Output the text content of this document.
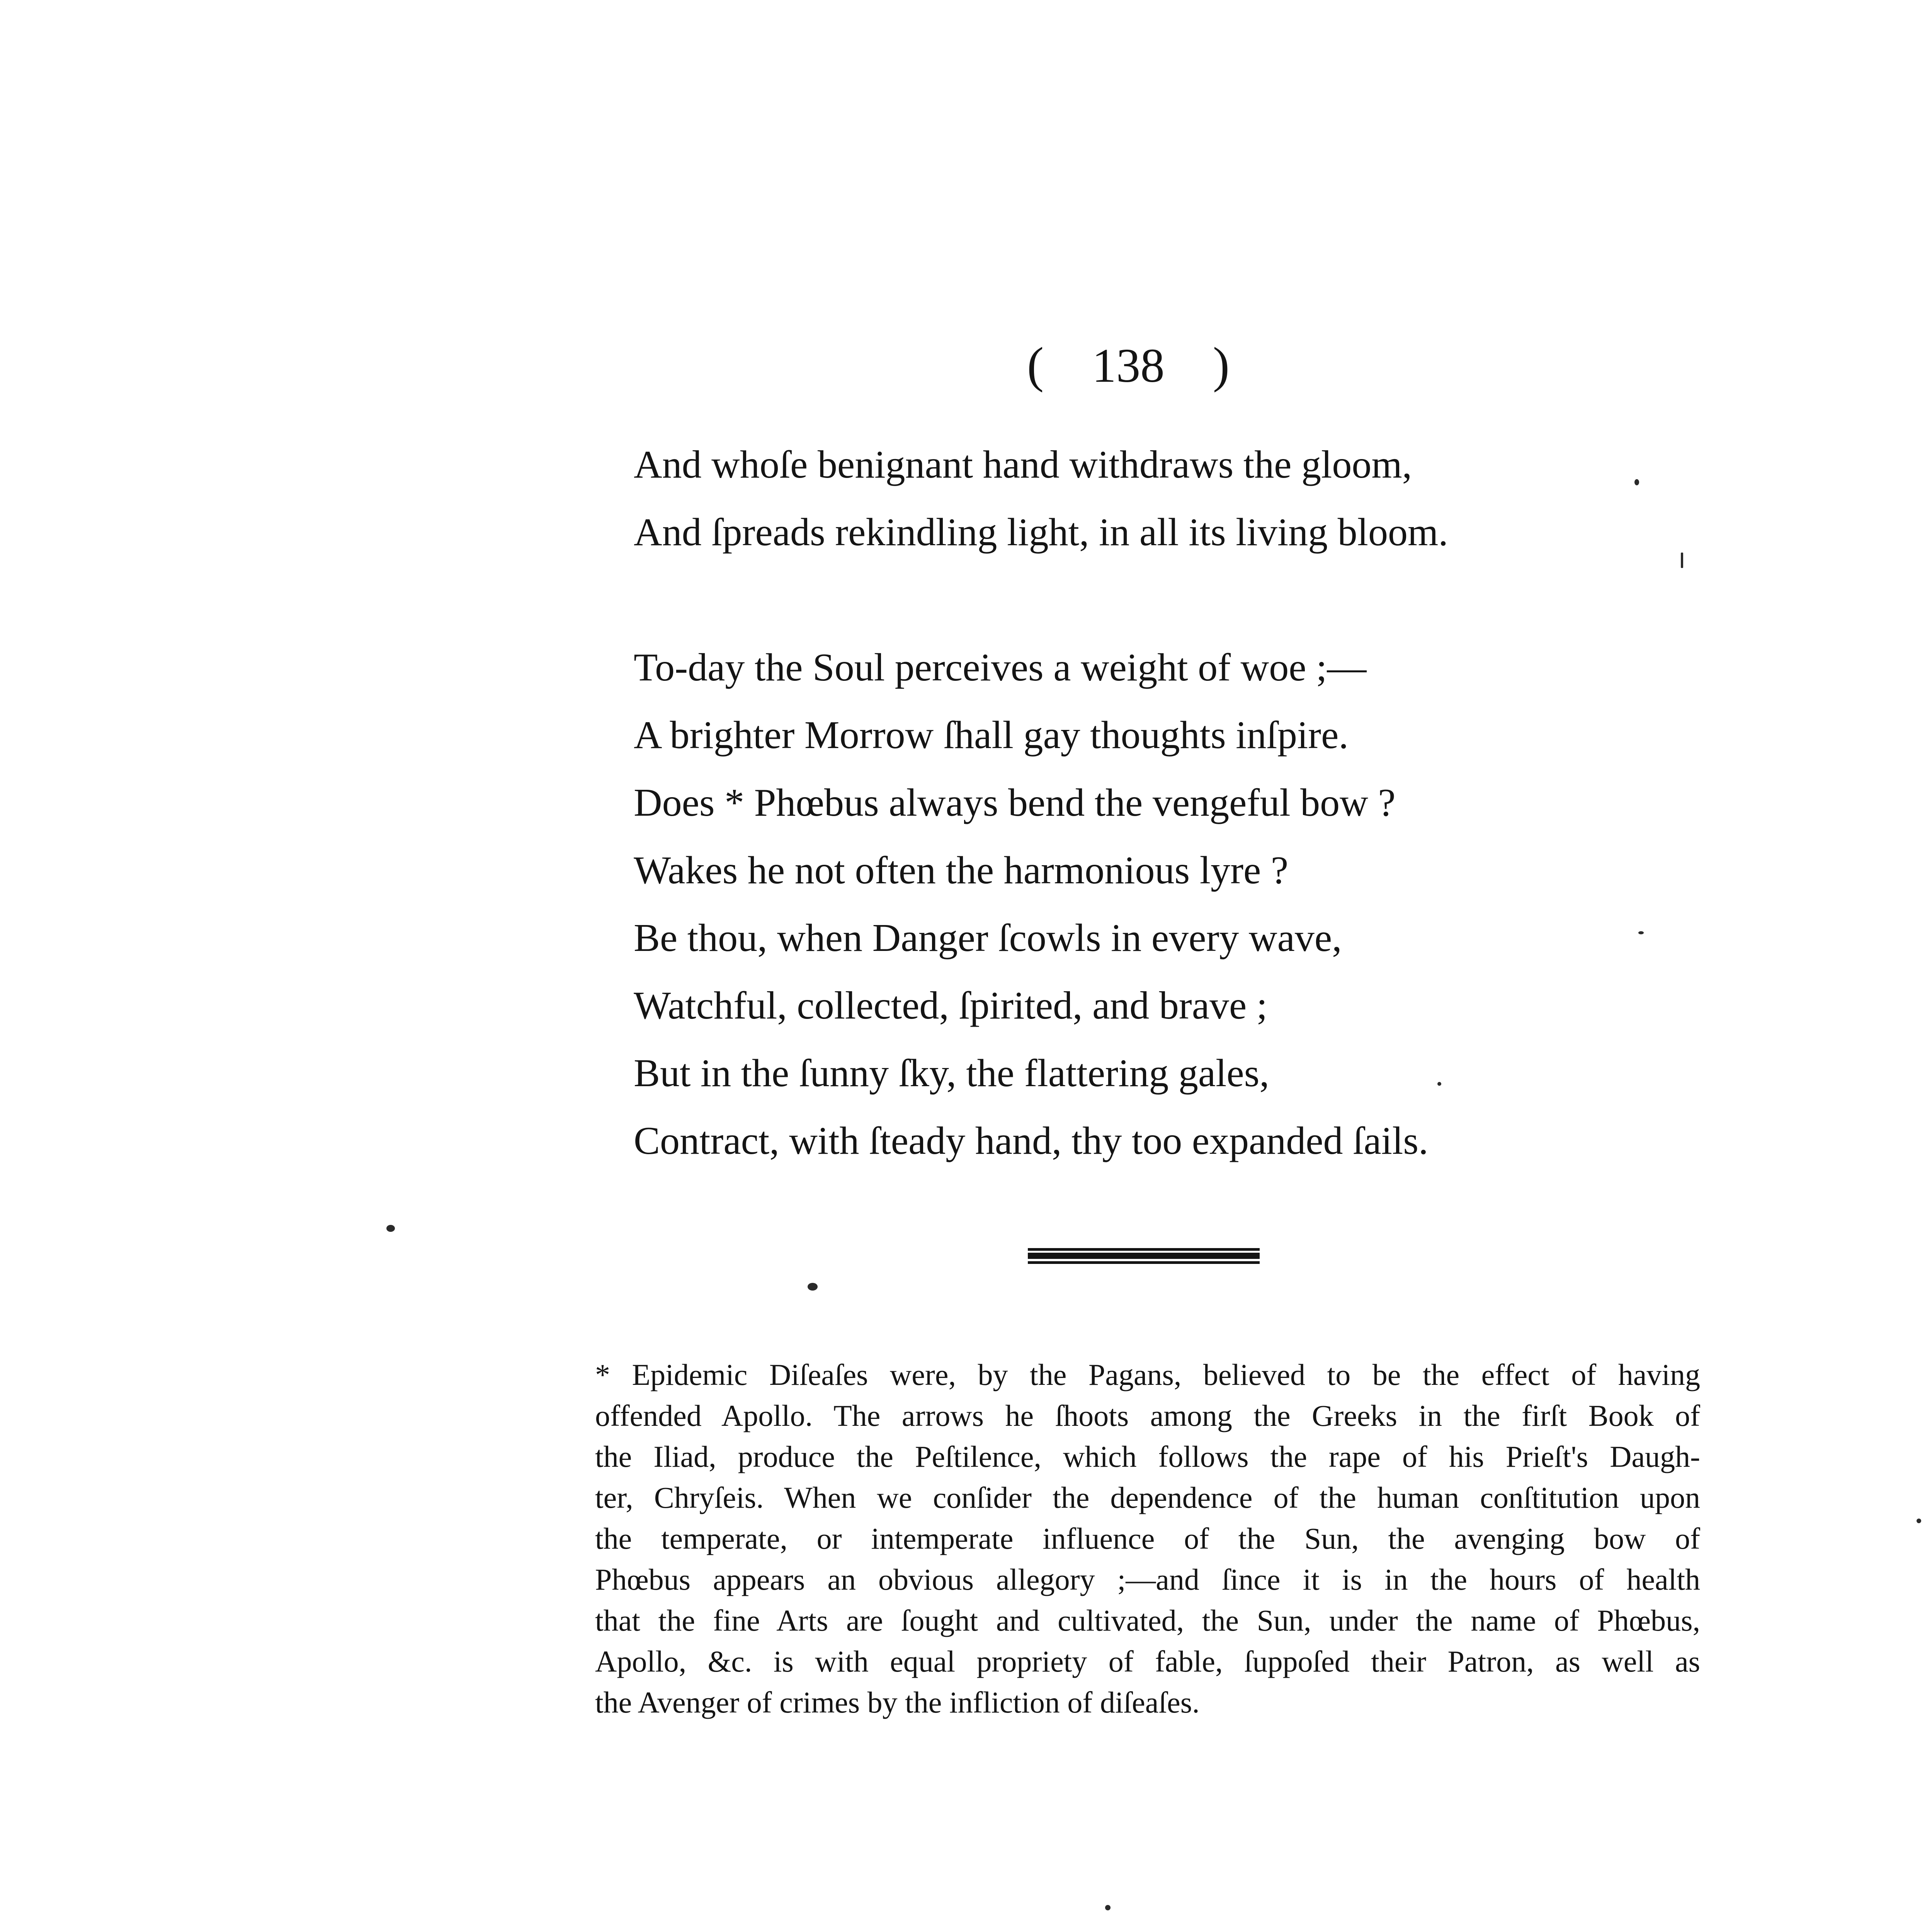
(  138  )
And whoſe benignant hand withdraws the gloom,
And ſpreads rekindling light, in all its living bloom.
To-day the Soul perceives a weight of woe ;—
A brighter Morrow ſhall gay thoughts inſpire.
Does * Phœbus always bend the vengeful bow ?
Wakes he not often the harmonious lyre ?
Be thou, when Danger ſcowls in every wave,
Watchful, collected, ſpirited, and brave ;
But in the ſunny ſky, the flattering gales,
Contract, with ſteady hand, thy too expanded ſails.
* Epidemic Diſeaſes were, by the Pagans, believed to be the effect of having
offended Apollo. The arrows he ſhoots among the Greeks in the firſt Book of
the Iliad, produce the Peſtilence, which follows the rape of his Prieſt's Daugh-
ter, Chryſeis. When we conſider the dependence of the human conſtitution upon
the temperate, or intemperate influence of the Sun, the avenging bow of
Phœbus appears an obvious allegory ;—and ſince it is in the hours of health
that the fine Arts are ſought and cultivated, the Sun, under the name of Phœbus,
Apollo, &c. is with equal propriety of fable, ſuppoſed their Patron, as well as
the Avenger of crimes by the infliction of diſeaſes.
